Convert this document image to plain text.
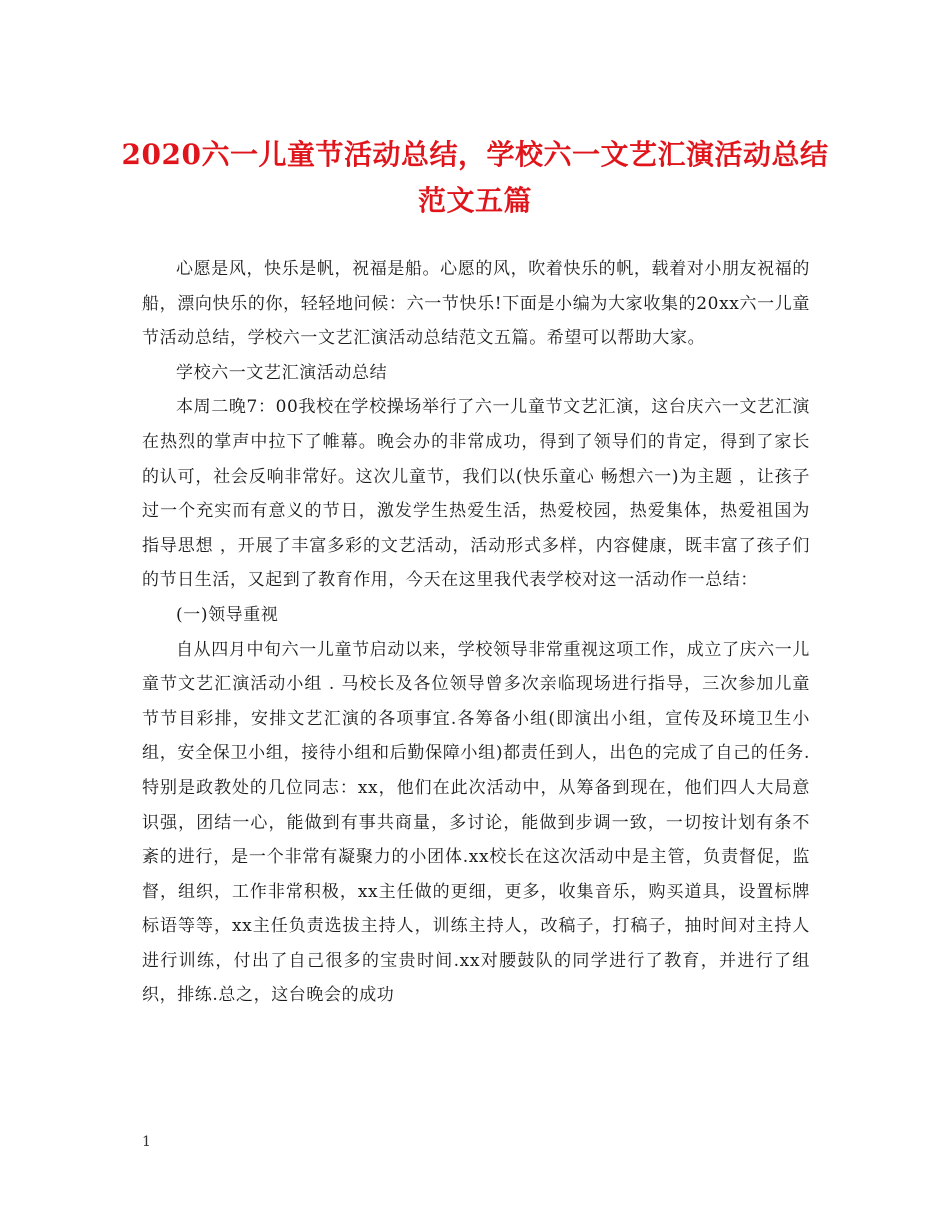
2020六一儿童节活动总结，学校六一文艺汇演活动总结范文五篇

心愿是风，快乐是帆，祝福是船。心愿的风，吹着快乐的帆，载着对小朋友祝福的船，漂向快乐的你，轻轻地问候：六一节快乐!下面是小编为大家收集的20xx六一儿童节活动总结，学校六一文艺汇演活动总结范文五篇。希望可以帮助大家。

学校六一文艺汇演活动总结

本周二晚7：00我校在学校操场举行了六一儿童节文艺汇演，这台庆六一文艺汇演在热烈的掌声中拉下了帷幕。晚会办的非常成功，得到了领导们的肯定，得到了家长的认可，社会反响非常好。这次儿童节，我们以(快乐童心 畅想六一)为主题 ，让孩子过一个充实而有意义的节日，激发学生热爱生活，热爱校园，热爱集体，热爱祖国为指导思想 ，开展了丰富多彩的文艺活动，活动形式多样，内容健康，既丰富了孩子们的节日生活，又起到了教育作用，今天在这里我代表学校对这一活动作一总结：

(一)领导重视

自从四月中旬六一儿童节启动以来，学校领导非常重视这项工作，成立了庆六一儿童节文艺汇演活动小组 . 马校长及各位领导曾多次亲临现场进行指导，三次参加儿童节节目彩排，安排文艺汇演的各项事宜.各筹备小组(即演出小组，宣传及环境卫生小组，安全保卫小组，接待小组和后勤保障小组)都责任到人，出色的完成了自己的任务.特别是政教处的几位同志：xx，他们在此次活动中，从筹备到现在，他们四人大局意识强，团结一心，能做到有事共商量，多讨论，能做到步调一致，一切按计划有条不紊的进行，是一个非常有凝聚力的小团体.xx校长在这次活动中是主管，负责督促，监督，组织，工作非常积极，xx主任做的更细，更多，收集音乐，购买道具，设置标牌标语等等，xx主任负责选拔主持人，训练主持人，改稿子，打稿子，抽时间对主持人进行训练，付出了自己很多的宝贵时间.xx对腰鼓队的同学进行了教育，并进行了组织，排练.总之，这台晚会的成功

1
